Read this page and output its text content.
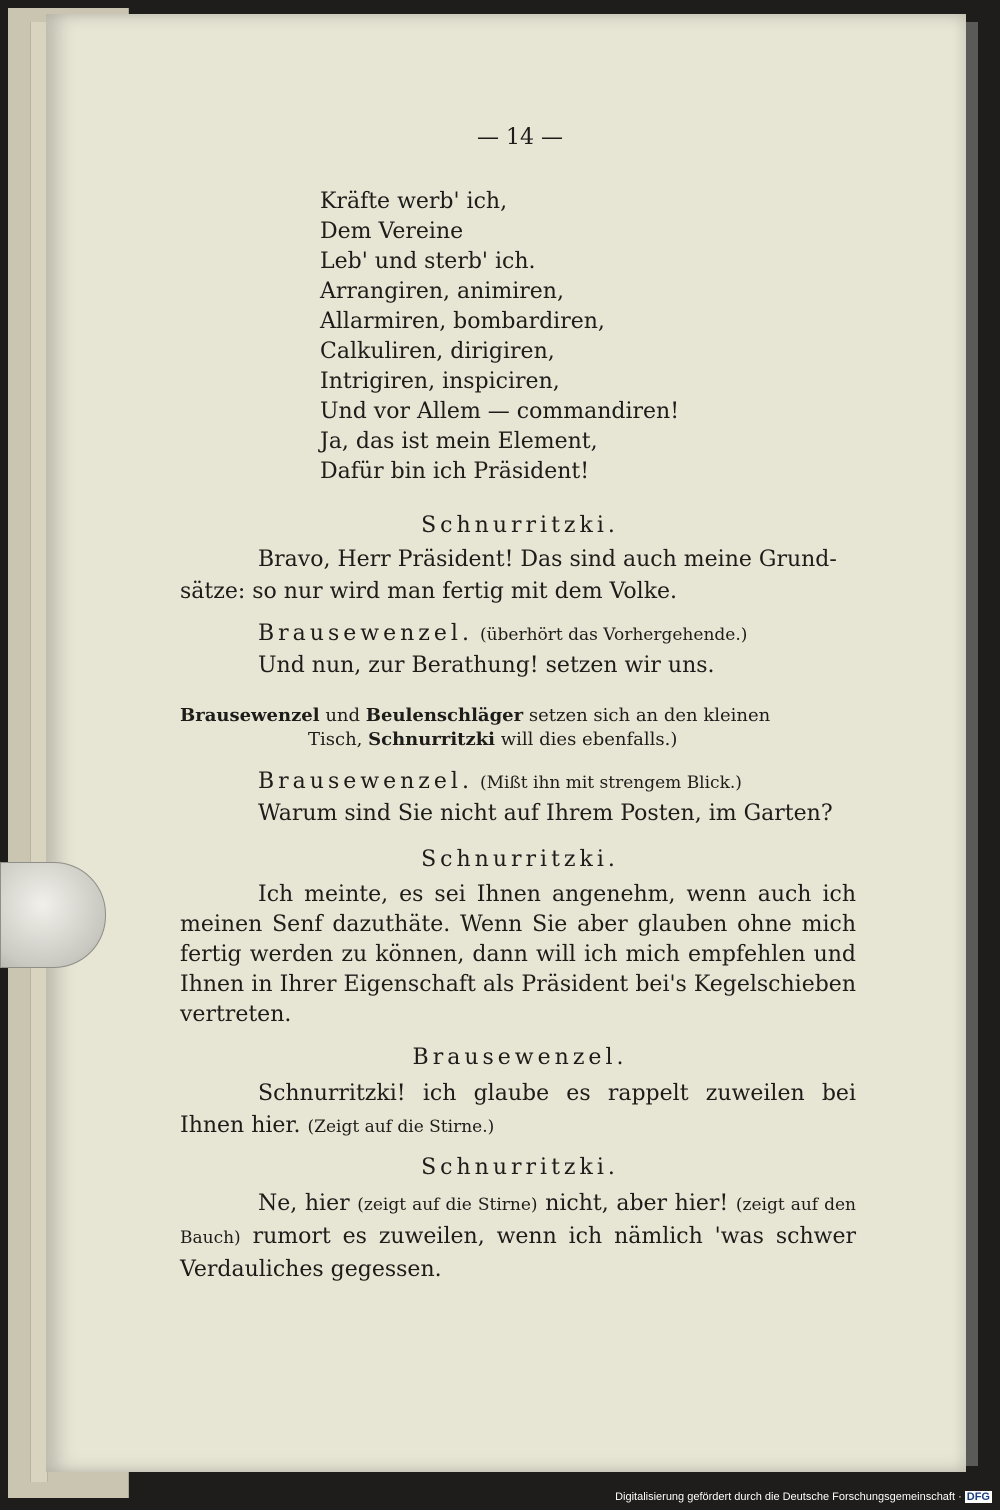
— 14 —
Kräfte werb' ich,
Dem Vereine
Leb' und sterb' ich.
Arrangiren, animiren,
Allarmiren, bombardiren,
Calkuliren, dirigiren,
Intrigiren, inspiciren,
Und vor Allem — commandiren!
Ja, das ist mein Element,
Dafür bin ich Präsident!
Schnurritzki.
Bravo, Herr Präsident! Das sind auch meine Grund-
sätze: so nur wird man fertig mit dem Volke.
Brausewenzel. (überhört das Vorhergehende.)
Und nun, zur Berathung! setzen wir uns.
Brausewenzel und Beulenschläger setzen sich an den kleinen
Tisch, Schnurritzki will dies ebenfalls.)
Brausewenzel. (Mißt ihn mit strengem Blick.)
Warum sind Sie nicht auf Ihrem Posten, im Garten?
Schnurritzki.
Ich meinte, es sei Ihnen angenehm, wenn auch ich meinen Senf dazuthäte. Wenn Sie aber glauben ohne mich fertig werden zu können, dann will ich mich empfehlen und Ihnen in Ihrer Eigenschaft als Präsident bei's Kegelschieben vertreten.
Brausewenzel.
Schnurritzki! ich glaube es rappelt zuweilen bei Ihnen hier. (Zeigt auf die Stirne.)
Schnurritzki.
Ne, hier (zeigt auf die Stirne) nicht, aber hier! (zeigt auf den Bauch) rumort es zuweilen, wenn ich nämlich 'was schwer Verdauliches gegessen.
Digitalisierung gefördert durch die Deutsche Forschungsgemeinschaft · DFG
